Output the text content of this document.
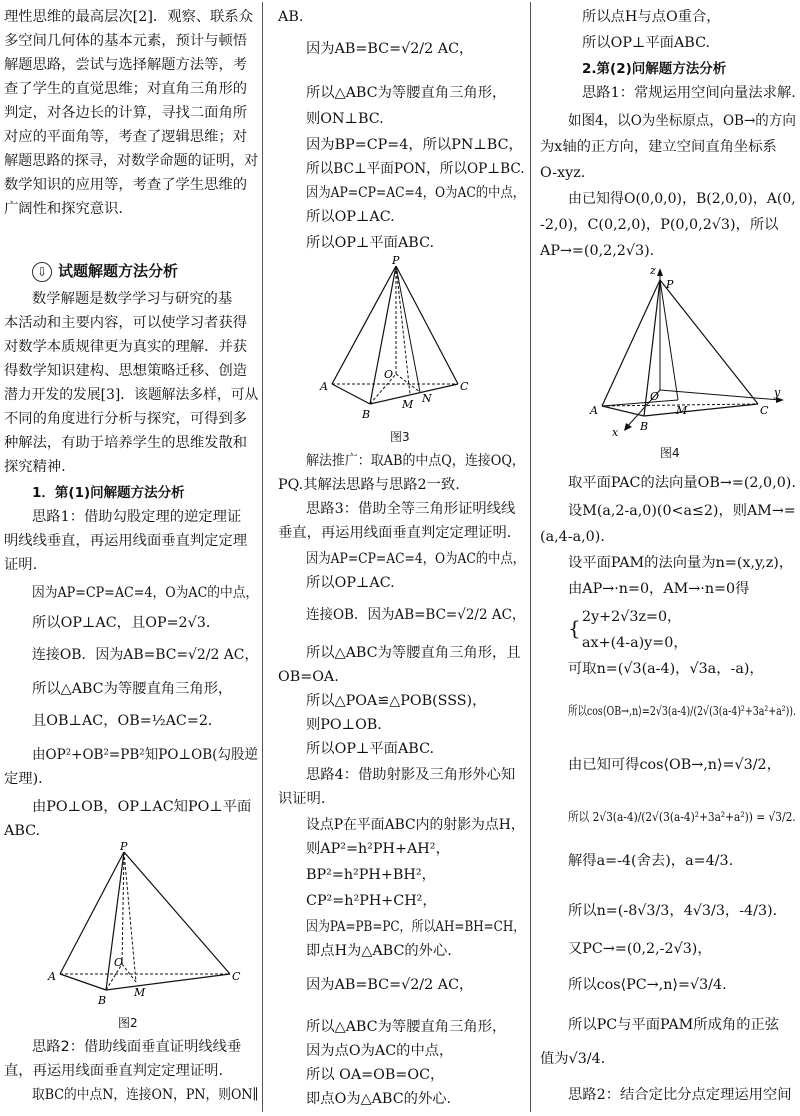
理性思维的最高层次[2]．观察、联系众
多空间几何体的基本元素，预计与顿悟
解题思路，尝试与选择解题方法等，考
查了学生的直觉思维；对直角三角形的
判定，对各边长的计算，寻找二面角所
对应的平面角等，考查了逻辑思维；对
解题思路的探寻，对数学命题的证明，对
数学知识的应用等，考查了学生思维的
广阔性和探究意识.
⇩ 试题解题方法分析
数学解题是数学学习与研究的基
本活动和主要内容，可以使学习者获得
对数学本质规律更为真实的理解．并获
得数学知识建构、思想策略迁移、创造
潜力开发的发展[3]．该题解法多样，可从
不同的角度进行分析与探究，可得到多
种解法，有助于培养学生的思维发散和
探究精神.
1．第(1)问解题方法分析
思路1：借助勾股定理的逆定理证
明线线垂直，再运用线面垂直判定定理
证明.
因为AP=CP=AC=4，O为AC的中点，
所以OP⊥AC，且OP=2√3．
连接OB．因为AB=BC=√2/2 AC，
所以△ABC为等腰直角三角形，
且OB⊥AC，OB=½AC=2．
由OP²+OB²=PB²知PO⊥OB(勾股逆
定理)．
由PO⊥OB，OP⊥AC知PO⊥平面
ABC.
P
A
B
C
O
M
图2
思路2：借助线面垂直证明线线垂
直，再运用线面垂直判定定理证明.
取BC的中点N，连接ON，PN，则ON∥
AB.
因为AB=BC=√2/2 AC，
所以△ABC为等腰直角三角形，
则ON⊥BC.
因为BP=CP=4，所以PN⊥BC，
所以BC⊥平面PON，所以OP⊥BC.
因为AP=CP=AC=4，O为AC的中点，
所以OP⊥AC.
所以OP⊥平面ABC.
P
A
B
C
O
M N
图3
解法推广：取AB的中点Q，连接OQ，
PQ.其解法思路与思路2一致.
思路3：借助全等三角形证明线线
垂直，再运用线面垂直判定定理证明.
因为AP=CP=AC=4，O为AC的中点，
所以OP⊥AC.
连接OB．因为AB=BC=√2/2 AC，
所以△ABC为等腰直角三角形，且
OB=OA.
所以△POA≌△POB(SSS)，
则PO⊥OB.
所以OP⊥平面ABC.
思路4：借助射影及三角形外心知
识证明.
设点P在平面ABC内的射影为点H，
则AP²=h²PH+AH²，
BP²=h²PH+BH²，
CP²=h²PH+CH²，
因为PA=PB=PC，所以AH=BH=CH，
即点H为△ABC的外心.
因为AB=BC=√2/2 AC，
所以△ABC为等腰直角三角形，
因为点O为AC的中点，
所以 OA=OB=OC，
即点O为△ABC的外心.
所以点H与点O重合，
所以OP⊥平面ABC.
2.第(2)问解题方法分析
思路1：常规运用空间向量法求解.
如图4，以O为坐标原点，OB→的方向
为x轴的正方向，建立空间直角坐标系
O-xyz.
由已知得O(0,0,0)，B(2,0,0)，A(0,
-2,0)，C(0,2,0)，P(0,0,2√3)，所以
AP→=(0,2,2√3).
z
P
A
B
C
O
M
y
x
图4
取平面PAC的法向量OB→=(2,0,0).
设M(a,2-a,0)(0<a≤2)，则AM→=
(a,4-a,0).
设平面PAM的法向量为n=(x,y,z)，
由AP→·n=0，AM→·n=0得
{ 2y+2√3z=0，
ax+(4-a)y=0，
可取n=(√3(a-4)，√3a，-a)，
所以cos⟨OB→,n⟩=2√3(a-4)/(2√(3(a-4)²+3a²+a²)).
由已知可得cos⟨OB→,n⟩=√3/2，
所以 2√3(a-4)/(2√(3(a-4)²+3a²+a²)) = √3/2.
解得a=-4(舍去)，a=4/3.
所以n=(-8√3/3，4√3/3，-4/3).
又PC→=(0,2,-2√3)，
所以cos⟨PC→,n⟩=√3/4.
所以PC与平面PAM所成角的正弦
值为√3/4.
思路2：结合定比分点定理运用空间
